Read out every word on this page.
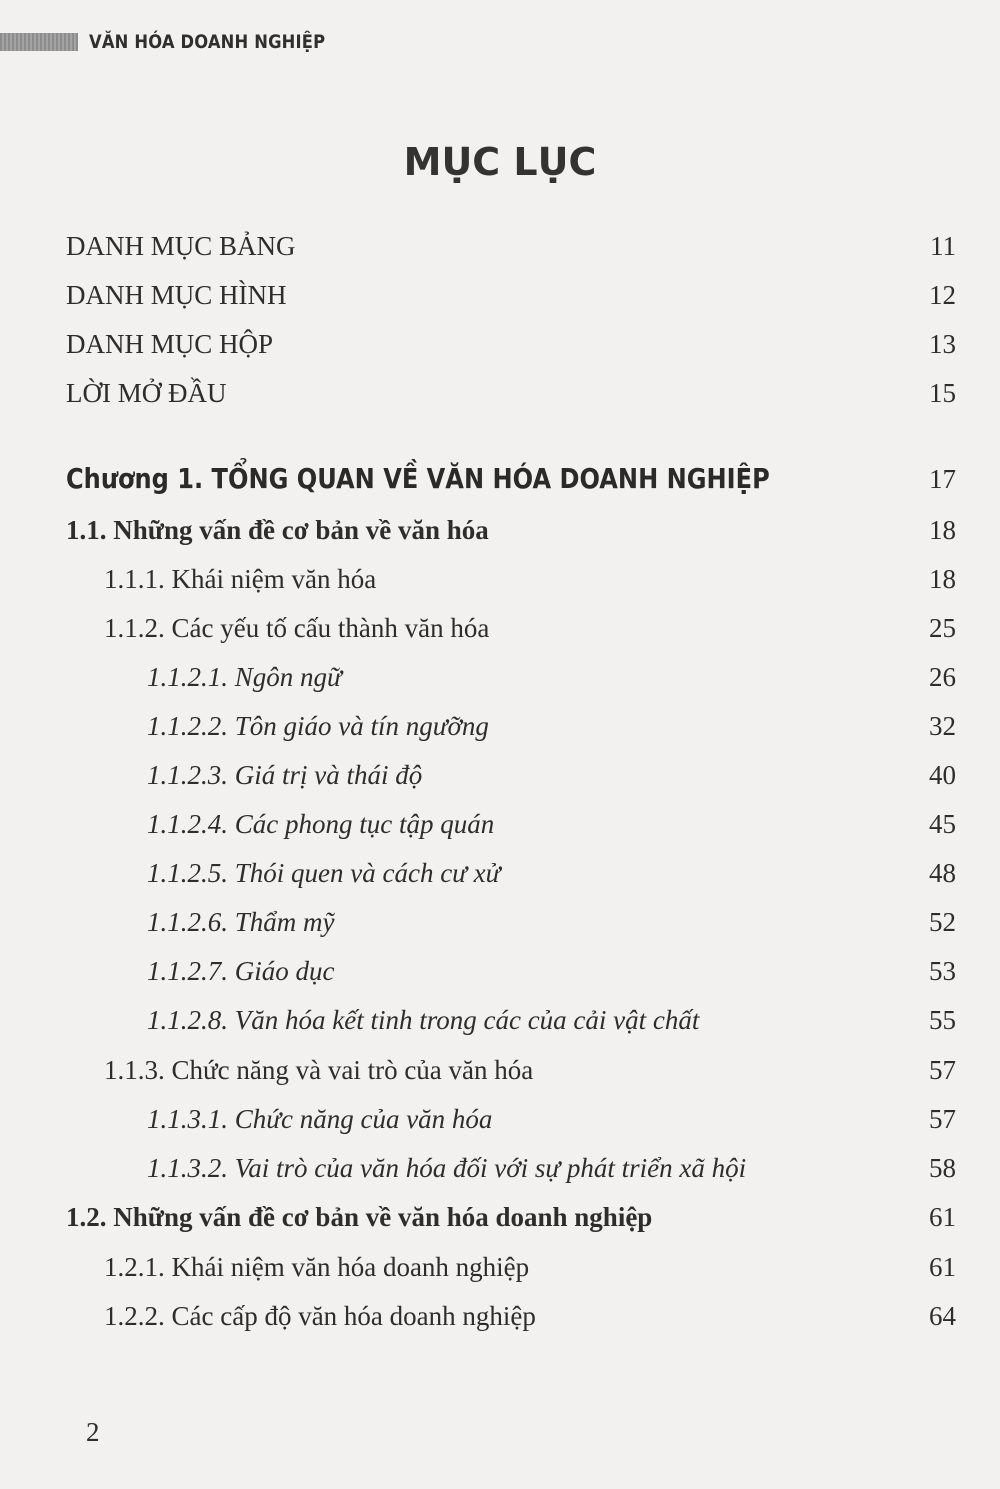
VĂN HÓA DOANH NGHIỆP
MỤC LỤC
DANH MỤC BẢNG	11
DANH MỤC HÌNH	12
DANH MỤC HỘP	13
LỜI MỞ ĐẦU	15
Chương 1. TỔNG QUAN VỀ VĂN HÓA DOANH NGHIỆP	17
1.1. Những vấn đề cơ bản về văn hóa	18
1.1.1. Khái niệm văn hóa	18
1.1.2. Các yếu tố cấu thành văn hóa	25
1.1.2.1. Ngôn ngữ	26
1.1.2.2. Tôn giáo và tín ngưỡng	32
1.1.2.3. Giá trị và thái độ	40
1.1.2.4. Các phong tục tập quán	45
1.1.2.5. Thói quen và cách cư xử	48
1.1.2.6. Thẩm mỹ	52
1.1.2.7. Giáo dục	53
1.1.2.8. Văn hóa kết tinh trong các của cải vật chất	55
1.1.3. Chức năng và vai trò của văn hóa	57
1.1.3.1. Chức năng của văn hóa	57
1.1.3.2. Vai trò của văn hóa đối với sự phát triển xã hội	58
1.2. Những vấn đề cơ bản về văn hóa doanh nghiệp	61
1.2.1. Khái niệm văn hóa doanh nghiệp	61
1.2.2. Các cấp độ văn hóa doanh nghiệp	64
2
